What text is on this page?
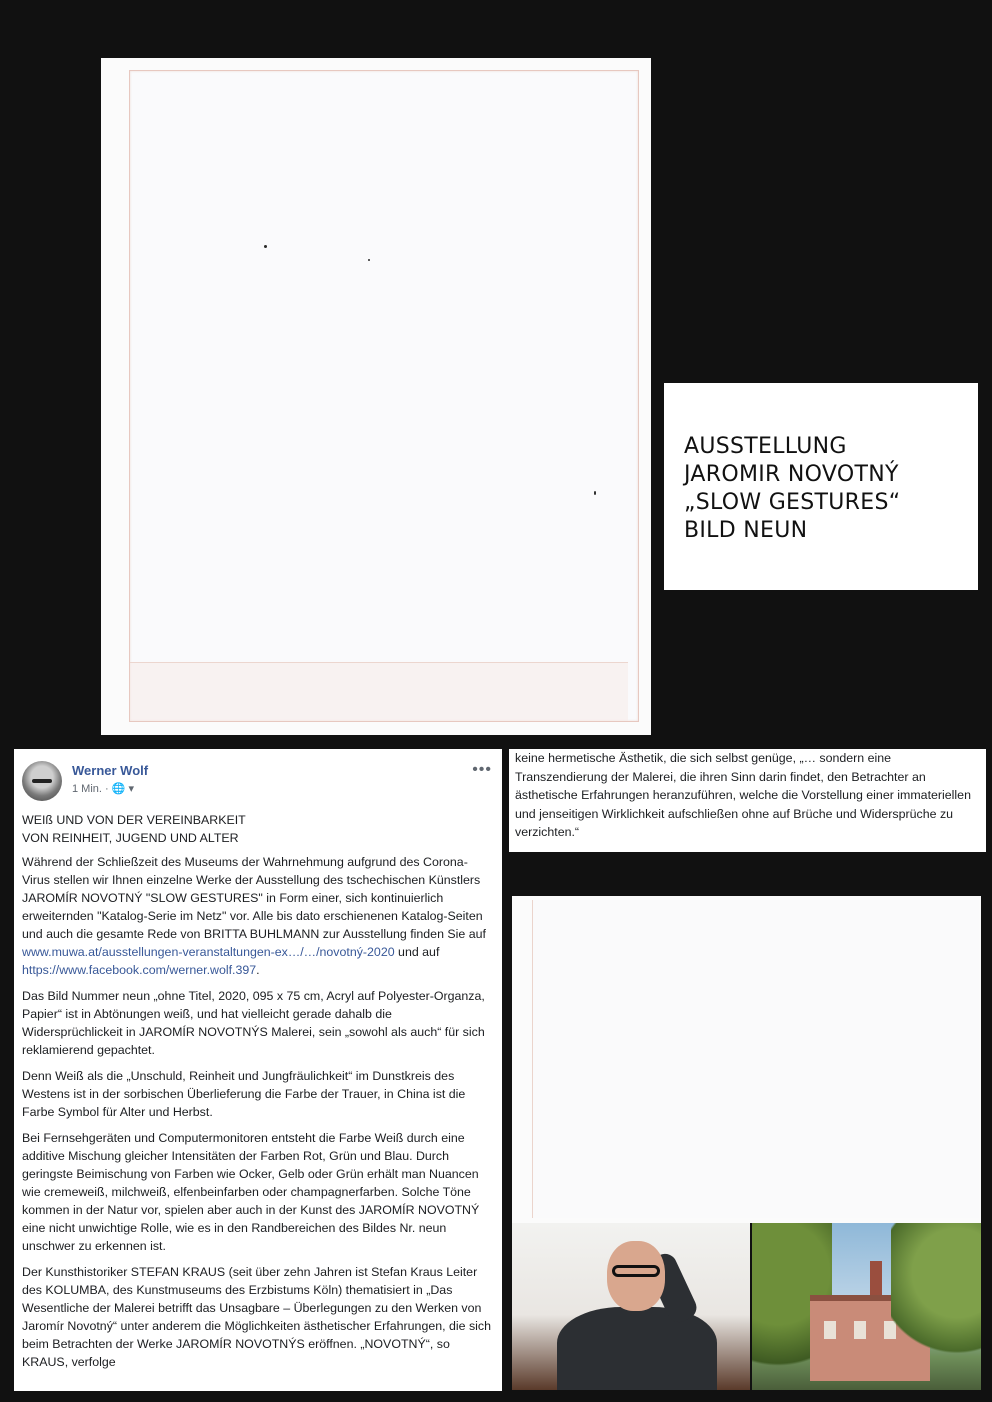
AUSSTELLUNG
JAROMIR NOVOTNÝ
„SLOW GESTURES“
BILD NEUN
Werner Wolf
1 Min. · 🌐 ▾
•••

WEIß UND VON DER VEREINBARKEIT
VON REINHEIT, JUGEND UND ALTER

Während der Schließzeit des Museums der Wahrnehmung aufgrund des Corona-Virus stellen wir Ihnen einzelne Werke der Ausstellung des tschechischen Künstlers JAROMÍR NOVOTNÝ "SLOW GESTURES" in Form einer, sich kontinuierlich erweiternden "Katalog-Serie im Netz" vor. Alle bis dato erschienenen Katalog-Seiten und auch die gesamte Rede von BRITTA BUHLMANN zur Ausstellung finden Sie auf www.muwa.at/ausstellungen-veranstaltungen-ex…/…/novotný-2020 und auf https://www.facebook.com/werner.wolf.397.

Das Bild Nummer neun „ohne Titel, 2020, 095 x 75 cm, Acryl auf Polyester-Organza, Papier“ ist in Abtönungen weiß, und hat vielleicht gerade dahalb die Widersprüchlickeit in JAROMÍR NOVOTNÝS Malerei, sein „sowohl als auch“ für sich reklamierend gepachtet.

Denn Weiß als die „Unschuld, Reinheit und Jungfräulichkeit“ im Dunstkreis des Westens ist in der sorbischen Überlieferung die Farbe der Trauer, in China ist die Farbe Symbol für Alter und Herbst.

Bei Fernsehgeräten und Computermonitoren entsteht die Farbe Weiß durch eine additive Mischung gleicher Intensitäten der Farben Rot, Grün und Blau. Durch geringste Beimischung von Farben wie Ocker, Gelb oder Grün erhält man Nuancen wie cremeweiß, milchweiß, elfenbeinfarben oder champagnerfarben. Solche Töne kommen in der Natur vor, spielen aber auch in der Kunst des JAROMÍR NOVOTNÝ eine nicht unwichtige Rolle, wie es in den Randbereichen des Bildes Nr. neun unschwer zu erkennen ist.

Der Kunsthistoriker STEFAN KRAUS (seit über zehn Jahren ist Stefan Kraus Leiter des KOLUMBA, des Kunstmuseums des Erzbistums Köln) thematisiert in „Das Wesentliche der Malerei betrifft das Unsagbare – Überlegungen zu den Werken von Jaromír Novotný“ unter anderem die Möglichkeiten ästhetischer Erfahrungen, die sich beim Betrachten der Werke JAROMÍR NOVOTNÝS eröffnen. „NOVOTNÝ“, so KRAUS, verfolge

keine hermetische Ästhetik, die sich selbst genüge, „… sondern eine Transzendierung der Malerei, die ihren Sinn darin findet, den Betrachter an ästhetische Erfahrungen heranzuführen, welche die Vorstellung einer immateriellen und jenseitigen Wirklichkeit aufschließen ohne auf Brüche und Widersprüche zu verzichten.“
